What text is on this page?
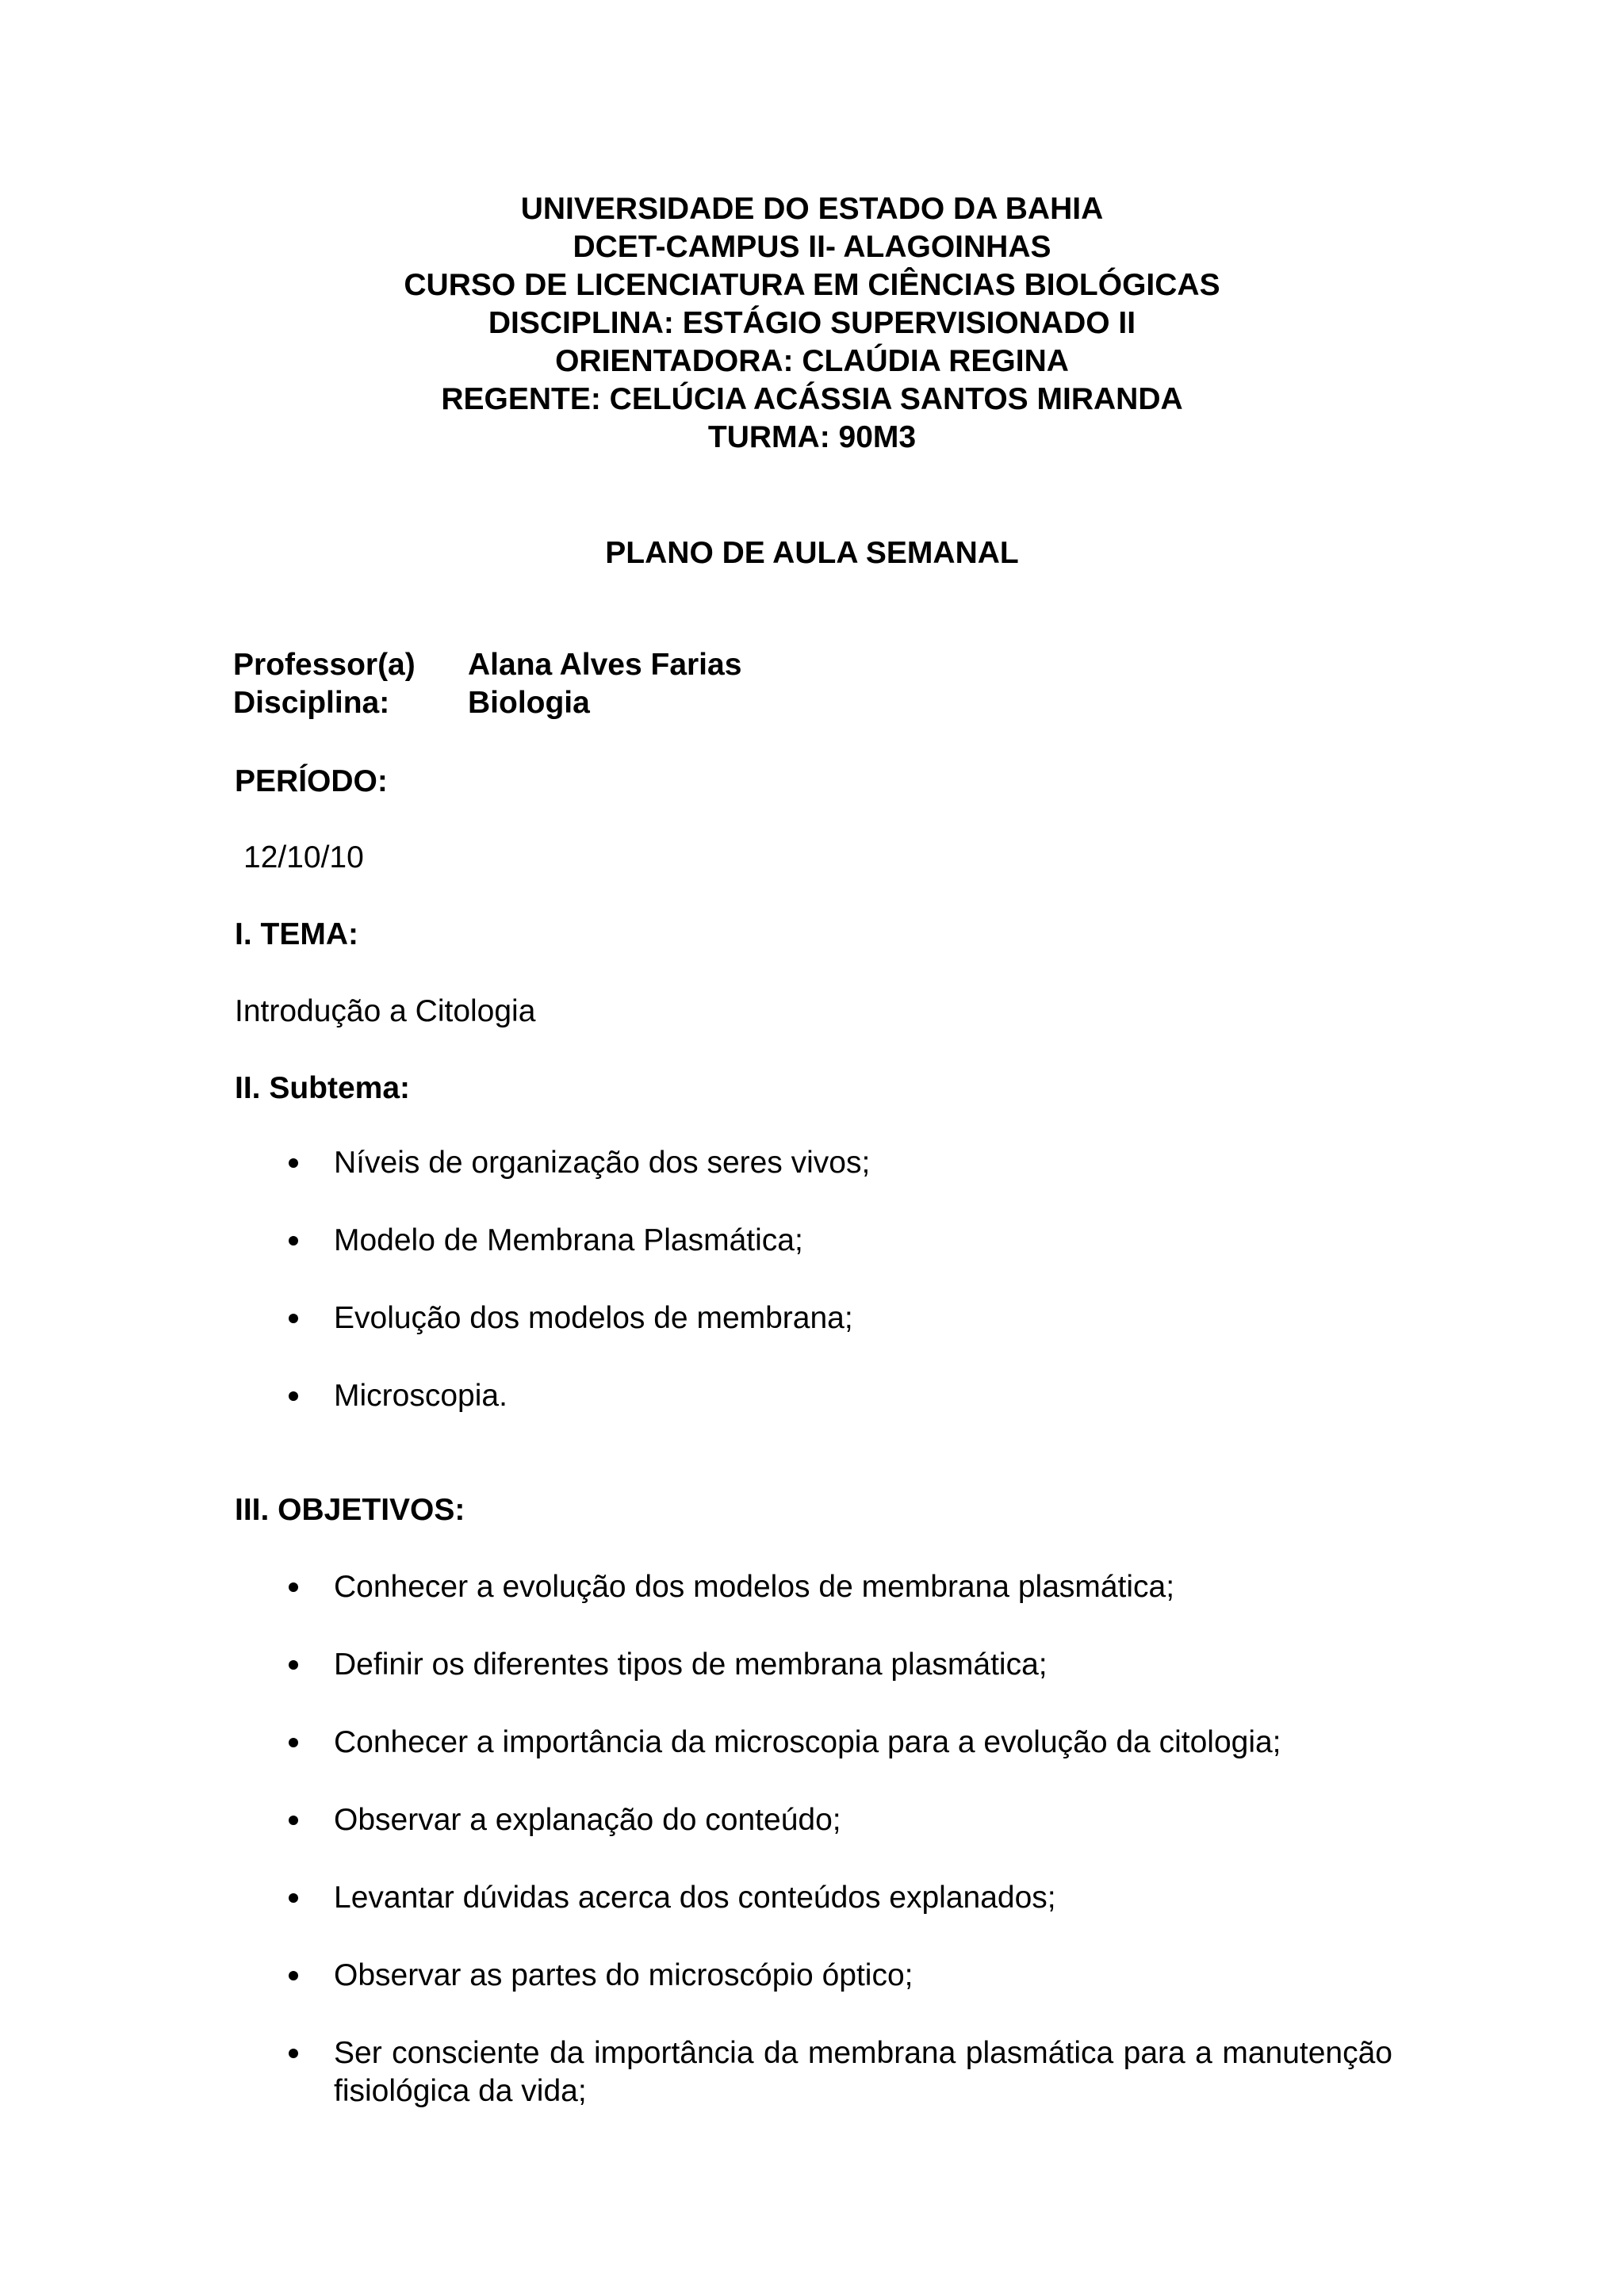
UNIVERSIDADE DO ESTADO DA BAHIA
DCET-CAMPUS II- ALAGOINHAS
CURSO DE LICENCIATURA EM CIÊNCIAS BIOLÓGICAS
DISCIPLINA: ESTÁGIO SUPERVISIONADO II
ORIENTADORA: CLAÚDIA REGINA
REGENTE: CELÚCIA ACÁSSIA SANTOS MIRANDA
TURMA: 90M3
PLANO DE AULA SEMANAL
Professor(a)	Alana Alves Farias
Disciplina:	Biologia
PERÍODO:
12/10/10
I. TEMA:
Introdução a Citologia
II. Subtema:
Níveis de organização dos seres vivos;
Modelo de Membrana Plasmática;
Evolução dos modelos de membrana;
Microscopia.
III. OBJETIVOS:
Conhecer a evolução dos modelos de membrana plasmática;
Definir os diferentes tipos de membrana plasmática;
Conhecer a importância da microscopia para a evolução da citologia;
Observar a explanação do conteúdo;
Levantar dúvidas acerca dos conteúdos explanados;
Observar as partes do microscópio óptico;
Ser consciente da importância da membrana plasmática para a manutenção fisiológica da vida;
